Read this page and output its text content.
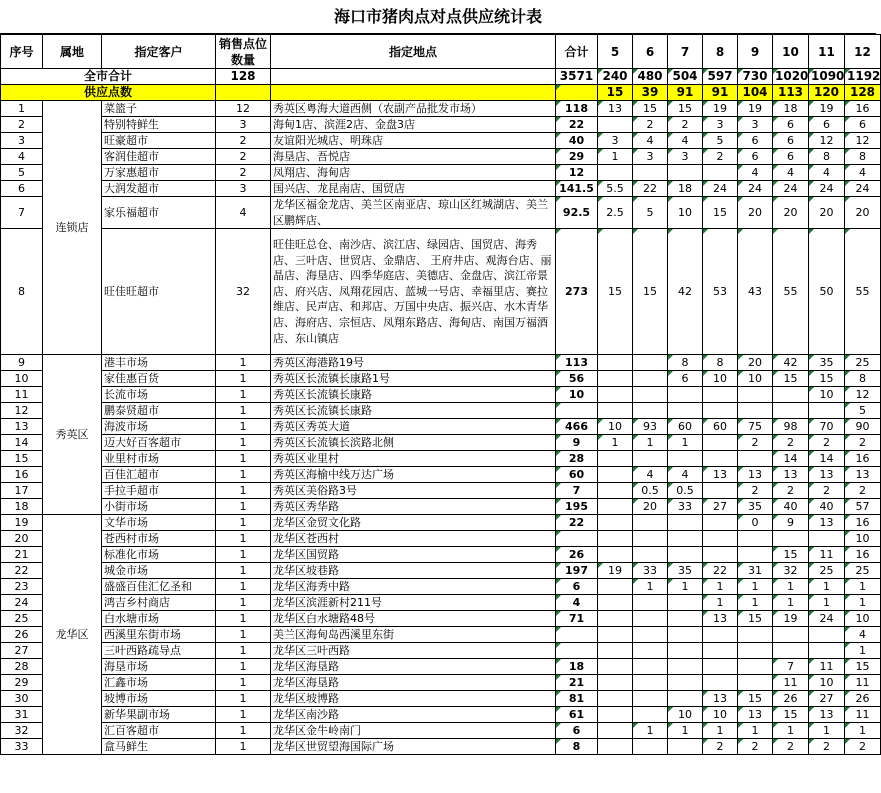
海口市猪肉点对点供应统计表
序号	属地	指定客户	销售点位数量	指定地点	合计	5	6	7	8	9	10	11	12
全市合计			128		3571	240	480	504	597	730	1020	1090	1192
供应点数						15	39	91	91	104	113	120	128
1	连锁店	菜篮子	12	秀英区粤海大道西侧（农副产品批发市场）	118	13	15	15	19	19	18	19	16
2		特别特鲜生	3	海甸1店、滨涯2店、金盘3店	22		2	2	3	3	6	6	6
3		旺豪超市	2	友谊阳光城店、明珠店	40	3	4	4	5	6	6	12	12
4		客润佳超市	2	海垦店、吾悦店	29	1	3	3	2	6	6	8	8
5		万家惠超市	2	凤翔店、海甸店	12					4	4	4	4
6		大润发超市	3	国兴店、龙昆南店、国贸店	141.5	5.5	22	18	24	24	24	24	24
7		家乐福超市	4	龙华区福金龙店、美兰区南亚店、琼山区红城湖店、美兰区鹏辉店、	92.5	2.5	5	10	15	20	20	20	20
8		旺佳旺超市	32	旺佳旺总仓、南沙店、滨江店、绿园店、国贸店、海秀店、三叶店、世贸店、金鼎店、 王府井店、观海台店、丽晶店、海垦店、四季华庭店、美德店、金盘店、滨江帝景店、府兴店、凤翔花园店、蓝城一号店、幸福里店、赛拉维店、民声店、和邦店、万国中央店、振兴店、水木青华店、海府店、宗恒店、凤翔东路店、海甸店、南国万福酒店、东山镇店	273	15	15	42	53	43	55	50	55
9	秀英区	港丰市场	1	秀英区海港路19号	113			8	8	20	42	35	25
10		家佳惠百货	1	秀英区长流镇长康路1号	56			6	10	10	15	15	8
11		长流市场	1	秀英区长流镇长康路	10							10	12
12		鹏泰贤超市	1	秀英区长流镇长康路									5
13		海波市场	1	秀英区秀英大道	466	10	93	60	60	75	98	70	90
14		迈大好百客超市	1	秀英区长流镇长滨路北侧	9	1	1	1		2	2	2	2
15		业里村市场	1	秀英区业里村	28						14	14	16
16		百佳汇超市	1	秀英区海榆中线万达广场	60		4	4	13	13	13	13	13
17		手拉手超市	1	秀英区美俗路3号	7		0.5	0.5		2	2	2	2
18		小街市场	1	秀英区秀华路	195		20	33	27	35	40	40	57
19	龙华区	文华市场	1	龙华区金贸文化路	22					0	9	13	16
20		苍西村市场	1	龙华区苍西村									10
21		标准化市场	1	龙华区国贸路	26						15	11	16
22		城金市场	1	龙华区坡巷路	197	19	33	35	22	31	32	25	25
23		盛盛百佳汇亿圣和	1	龙华区海秀中路	6		1	1	1	1	1	1	1
24		鸿吉乡村商店	1	龙华区滨涯新村211号	4				1	1	1	1	1
25		白水塘市场	1	龙华区白水塘路48号	71				13	15	19	24	10
26		西溪里东街市场	1	美兰区海甸岛西溪里东街									4
27		三叶西路疏导点	1	龙华区三叶西路									1
28		海垦市场	1	龙华区海垦路	18						7	11	15
29		汇鑫市场	1	龙华区海垦路	21						11	10	11
30		坡博市场	1	龙华区坡博路	81				13	15	26	27	26
31		新华果副市场	1	龙华区南沙路	61			10	10	13	15	13	11
32		汇百客超市	1	龙华区金牛岭南门	6		1	1	1	1	1	1	1
33		盒马鲜生	1	龙华区世贸望海国际广场	8				2	2	2	2	2
